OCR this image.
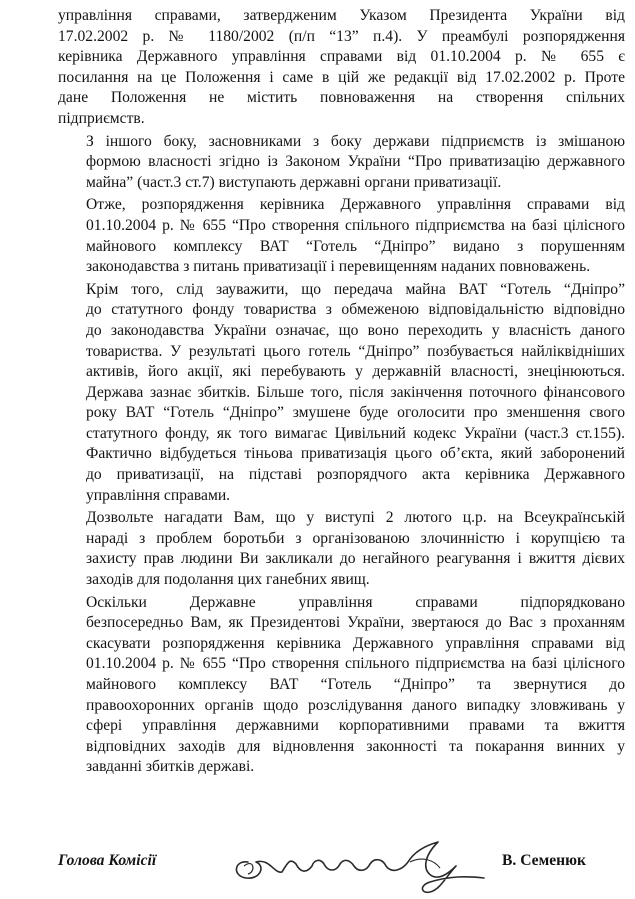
управління справами, затвердженим Указом Президента України від
17.02.2002 р. № 1180/2002 (п/п “13” п.4). У преамбулі розпорядження
керівника Державного управління справами від 01.10.2004 р. № 655 є
посилання на це Положення і саме в цій же редакції від 17.02.2002 р. Проте
дане Положення не містить повноваження на створення спільних
підприємств.
З іншого боку, засновниками з боку держави підприємств із змішаною
формою власності згідно із Законом України “Про приватизацію державного
майна” (част.3 ст.7) виступають державні органи приватизації.
Отже, розпорядження керівника Державного управління справами від
01.10.2004 р. № 655 “Про створення спільного підприємства на базі цілісного
майнового комплексу ВАТ “Готель “Дніпро” видано з порушенням
законодавства з питань приватизації і перевищенням наданих повноважень.
Крім того, слід зауважити, що передача майна ВАТ “Готель “Дніпро”
до статутного фонду товариства з обмеженою відповідальністю відповідно
до законодавства України означає, що воно переходить у власність даного
товариства. У результаті цього готель “Дніпро” позбувається найліквідніших
активів, його акції, які перебувають у державній власності, знецінюються.
Держава зазнає збитків. Більше того, після закінчення поточного фінансового
року ВАТ “Готель “Дніпро” змушене буде оголосити про зменшення свого
статутного фонду, як того вимагає Цивільний кодекс України (част.3 ст.155).
Фактично відбудеться тіньова приватизація цього об’єкта, який заборонений
до приватизації, на підставі розпорядчого акта керівника Державного
управління справами.
Дозвольте нагадати Вам, що у виступі 2 лютого ц.р. на Всеукраїнській
нараді з проблем боротьби з організованою злочинністю і корупцією та
захисту прав людини Ви закликали до негайного реагування і вжиття дієвих
заходів для подолання цих ганебних явищ.
Оскільки Державне управління справами підпорядковано
безпосередньо Вам, як Президентові України, звертаюся до Вас з проханням
скасувати розпорядження керівника Державного управління справами від
01.10.2004 р. № 655 “Про створення спільного підприємства на базі цілісного
майнового комплексу ВАТ “Готель “Дніпро” та звернутися до
правоохоронних органів щодо розслідування даного випадку зловживань у
сфері управління державними корпоративними правами та вжиття
відповідних заходів для відновлення законності та покарання винних у
завданні збитків державі.
Голова Комісії	В. Семенюк
